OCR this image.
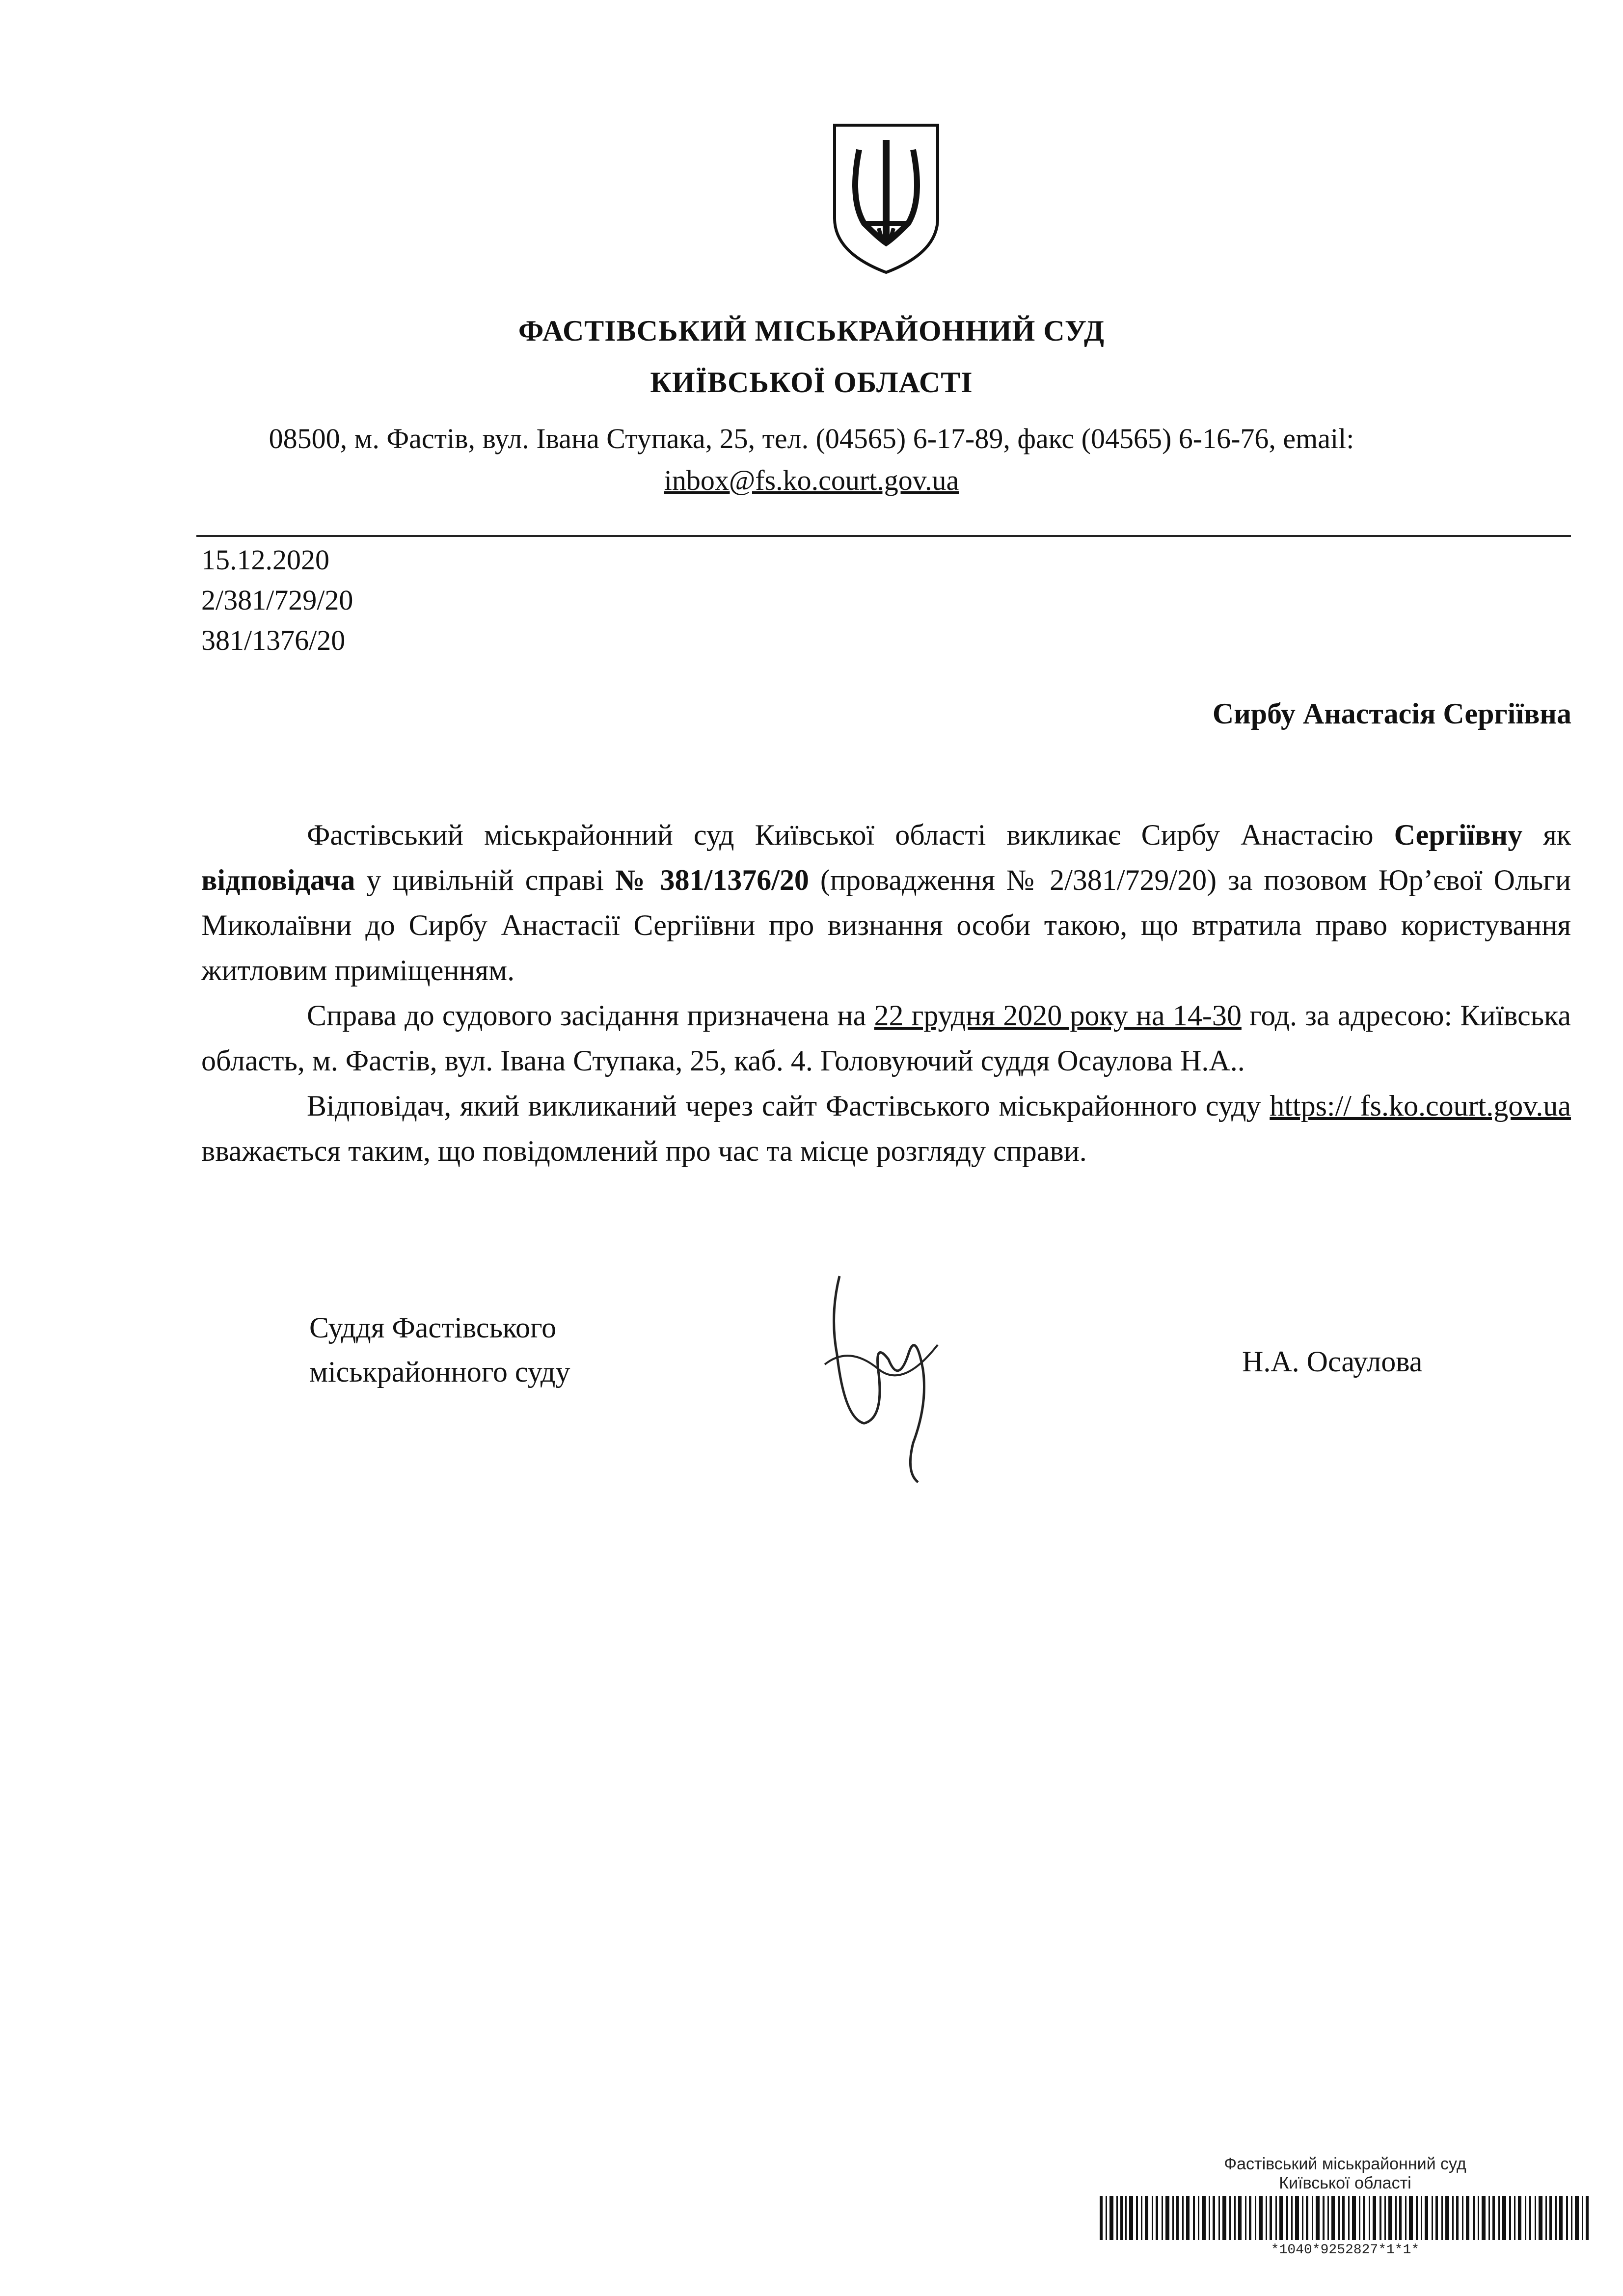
ФАСТІВСЬКИЙ МІСЬКРАЙОННИЙ СУД
КИЇВСЬКОЇ ОБЛАСТІ
08500, м. Фастів, вул. Івана Ступака, 25, тел. (04565) 6-17-89, факс (04565) 6-16-76, email:
inbox@fs.ko.court.gov.ua
15.12.2020
2/381/729/20
381/1376/20
Сирбу Анастасія Сергіївна

Фастівський міськрайонний суд Київської області викликає Сирбу Анастасію Сергіївну як відповідача у цивільній справі № 381/1376/20 (провадження № 2/381/729/20) за позовом Юр’євої Ольги Миколаївни до Сирбу Анастасії Сергіївни про визнання особи такою, що втратила право користування житловим приміщенням.

Справа до судового засідання призначена на 22 грудня 2020 року на 14-30 год. за адресою: Київська область, м. Фастів, вул. Івана Ступака, 25, каб. 4. Головуючий суддя Осаулова Н.А..

Відповідач, який викликаний через сайт Фастівського міськрайонного суду https:// fs.ko.court.gov.ua вважається таким, що повідомлений про час та місце розгляду справи.

Суддя Фастівського
міськрайонного суду	Н.А. Осаулова
Фастівський міськрайонний суд
Київської області
*1040*9252827*1*1*
